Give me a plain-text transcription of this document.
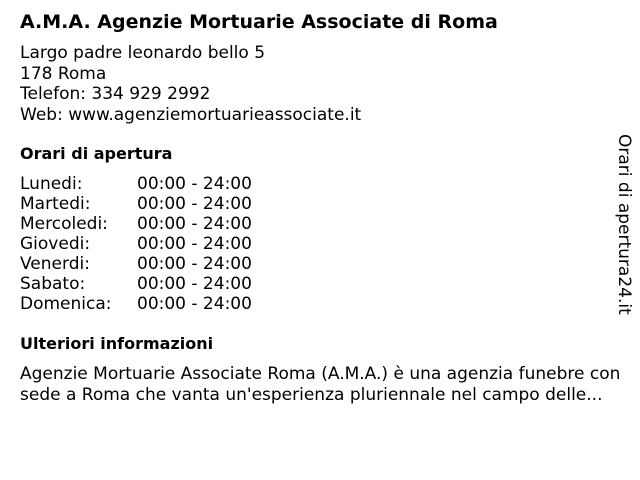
A.M.A. Agenzie Mortuarie Associate di Roma
Largo padre leonardo bello 5
178 Roma
Telefon: 334 929 2992
Web: www.agenziemortuarieassociate.it
Orari di apertura
Lunedi:	00:00 - 24:00
Martedi:	00:00 - 24:00
Mercoledi:	00:00 - 24:00
Giovedi:	00:00 - 24:00
Venerdi:	00:00 - 24:00
Sabato:	00:00 - 24:00
Domenica:	00:00 - 24:00
Ulteriori informazioni
Agenzie Mortuarie Associate Roma (A.M.A.) è una agenzia funebre con sede a Roma che vanta un'esperienza pluriennale nel campo delle...
Orari di apertura24.it
